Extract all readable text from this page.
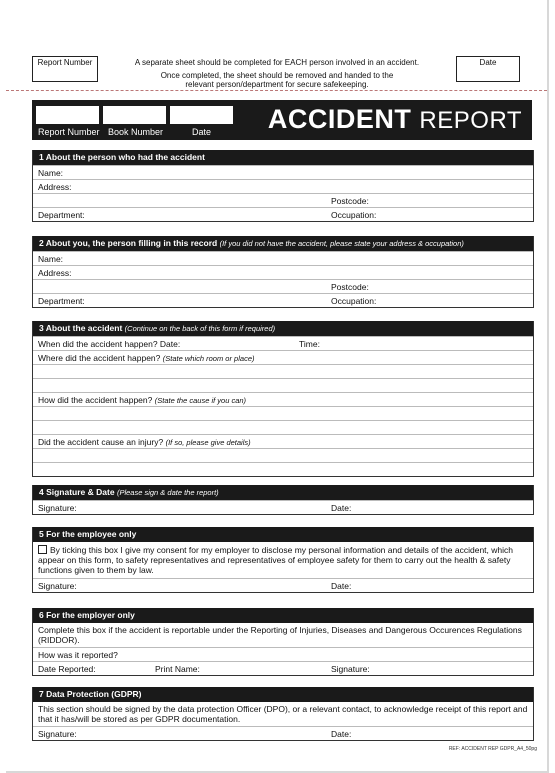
Report Number	A separate sheet should be completed for EACH person involved in an accident.
Once completed, the sheet should be removed and handed to the
relevant person/department for secure safekeeping.
Date
Report Number Book Number	Date ACCIDENT REPORT
1 About the person who had the accident
Name:
Address:
Postcode:
Department:	Occupation:
2 About you, the person filling in this record (If you did not have the accident, please state your address & occupation)
Name:
Address:
Postcode:
Department:	Occupation:
3 About the accident (Continue on the back of this form if required)
When did the accident happen? Date:	Time:
Where did the accident happen? (State which room or place)
How did the accident happen? (State the cause if you can)
Did the accident cause an injury? (If so, please give details)
4 Signature & Date (Please sign & date the report)
Signature:	Date:
5 For the employee only
By ticking this box I give my consent for my employer to disclose my personal information and details of the accident, which appear on this form, to safety representatives and representatives of employee safety for them to carry out the health & safety functions given to them by law.
Signature:	Date:
6 For the employer only
Complete this box if the accident is reportable under the Reporting of Injuries, Diseases and Dangerous Occurences Regulations (RIDDOR).
How was it reported?
Date Reported:	Print Name:	Signature:
7 Data Protection (GDPR)
This section should be signed by the data protection Officer (DPO), or a relevant contact, to acknowledge receipt of this report and that it has/will be stored as per GDPR documentation.
Signature:	Date:
REF: ACCIDENT REP GDPR_A4_50pg
